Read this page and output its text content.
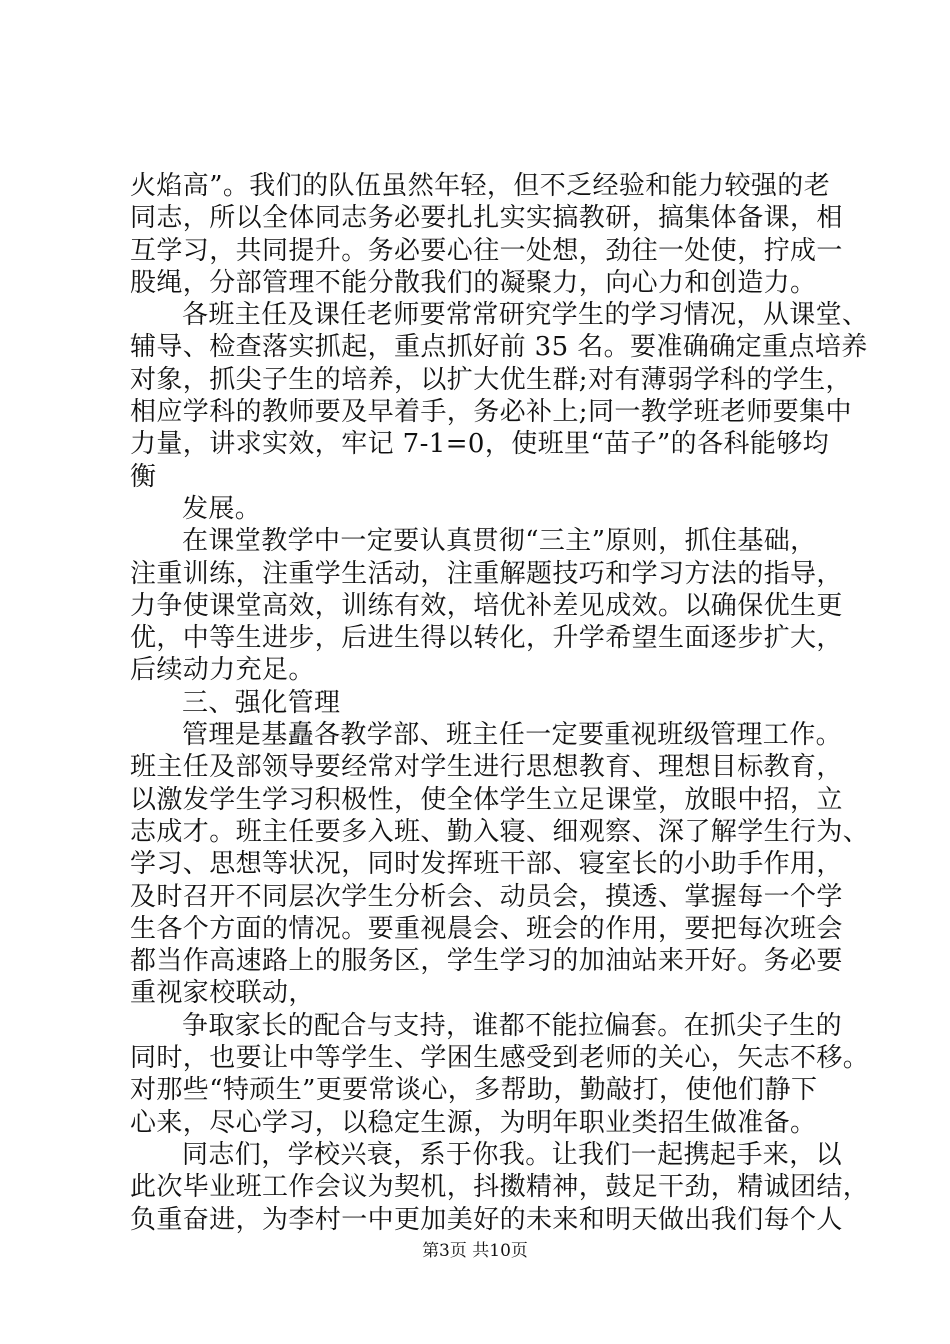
火焰高”。我们的队伍虽然年轻，但不乏经验和能力较强的老
同志，所以全体同志务必要扎扎实实搞教研，搞集体备课，相
互学习，共同提升。务必要心往一处想，劲往一处使，拧成一
股绳，分部管理不能分散我们的凝聚力，向心力和创造力。
各班主任及课任老师要常常研究学生的学习情况，从课堂、
辅导、检查落实抓起，重点抓好前 35 名。要准确确定重点培养
对象，抓尖子生的培养，以扩大优生群;对有薄弱学科的学生，
相应学科的教师要及早着手，务必补上;同一教学班老师要集中
力量，讲求实效，牢记 7-1=0，使班里“苗子”的各科能够均
衡
发展。
在课堂教学中一定要认真贯彻“三主”原则，抓住基础，
注重训练，注重学生活动，注重解题技巧和学习方法的指导，
力争使课堂高效，训练有效，培优补差见成效。以确保优生更
优，中等生进步，后进生得以转化，升学希望生面逐步扩大，
后续动力充足。
三、强化管理
管理是基矗各教学部、班主任一定要重视班级管理工作。
班主任及部领导要经常对学生进行思想教育、理想目标教育，
以激发学生学习积极性，使全体学生立足课堂，放眼中招，立
志成才。班主任要多入班、勤入寝、细观察、深了解学生行为、
学习、思想等状况，同时发挥班干部、寝室长的小助手作用，
及时召开不同层次学生分析会、动员会，摸透、掌握每一个学
生各个方面的情况。要重视晨会、班会的作用，要把每次班会
都当作高速路上的服务区，学生学习的加油站来开好。务必要
重视家校联动，
争取家长的配合与支持，谁都不能拉偏套。在抓尖子生的
同时，也要让中等学生、学困生感受到老师的关心，矢志不移。
对那些“特顽生”更要常谈心，多帮助，勤敲打，使他们静下
心来，尽心学习，以稳定生源，为明年职业类招生做准备。
同志们，学校兴衰，系于你我。让我们一起携起手来，以
此次毕业班工作会议为契机，抖擞精神，鼓足干劲，精诚团结，
负重奋进，为李村一中更加美好的未来和明天做出我们每个人
第3页 共10页
